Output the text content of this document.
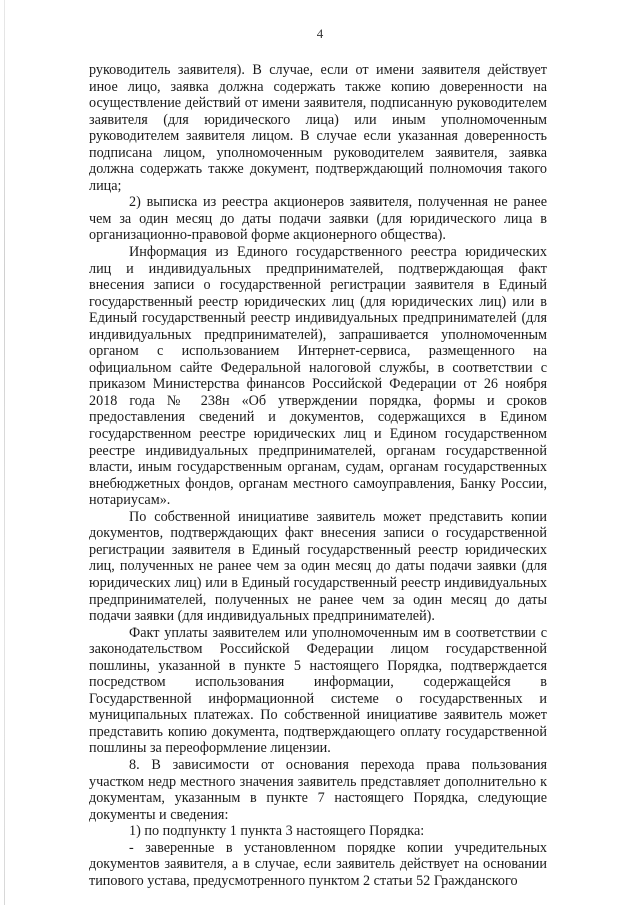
4

руководитель заявителя). В случае, если от имени заявителя действует иное лицо, заявка должна содержать также копию доверенности на осуществление действий от имени заявителя, подписанную руководителем заявителя (для юридического лица) или иным уполномоченным руководителем заявителя лицом. В случае если указанная доверенность подписана лицом, уполномоченным руководителем заявителя, заявка должна содержать также документ, подтверждающий полномочия такого лица;

2) выписка из реестра акционеров заявителя, полученная не ранее чем за один месяц до даты подачи заявки (для юридического лица в организационно-правовой форме акционерного общества).

Информация из Единого государственного реестра юридических лиц и индивидуальных предпринимателей, подтверждающая факт внесения записи о государственной регистрации заявителя в Единый государственный реестр юридических лиц (для юридических лиц) или в Единый государственный реестр индивидуальных предпринимателей (для индивидуальных предпринимателей), запрашивается уполномоченным органом с использованием Интернет-сервиса, размещенного на официальном сайте Федеральной налоговой службы, в соответствии с приказом Министерства финансов Российской Федерации от 26 ноября 2018 года № 238н «Об утверждении порядка, формы и сроков предоставления сведений и документов, содержащихся в Едином государственном реестре юридических лиц и Едином государственном реестре индивидуальных предпринимателей, органам государственной власти, иным государственным органам, судам, органам государственных внебюджетных фондов, органам местного самоуправления, Банку России, нотариусам».

По собственной инициативе заявитель может представить копии документов, подтверждающих факт внесения записи о государственной регистрации заявителя в Единый государственный реестр юридических лиц, полученных не ранее чем за один месяц до даты подачи заявки (для юридических лиц) или в Единый государственный реестр индивидуальных предпринимателей, полученных не ранее чем за один месяц до даты подачи заявки (для индивидуальных предпринимателей).

Факт уплаты заявителем или уполномоченным им в соответствии с законодательством Российской Федерации лицом государственной пошлины, указанной в пункте 5 настоящего Порядка, подтверждается посредством использования информации, содержащейся в Государственной информационной системе о государственных и муниципальных платежах. По собственной инициативе заявитель может представить копию документа, подтверждающего оплату государственной пошлины за переоформление лицензии.

8. В зависимости от основания перехода права пользования участком недр местного значения заявитель представляет дополнительно к документам, указанным в пункте 7 настоящего Порядка, следующие документы и сведения:

1) по подпункту 1 пункта 3 настоящего Порядка:

- заверенные в установленном порядке копии учредительных документов заявителя, а в случае, если заявитель действует на основании типового устава, предусмотренного пунктом 2 статьи 52 Гражданского
